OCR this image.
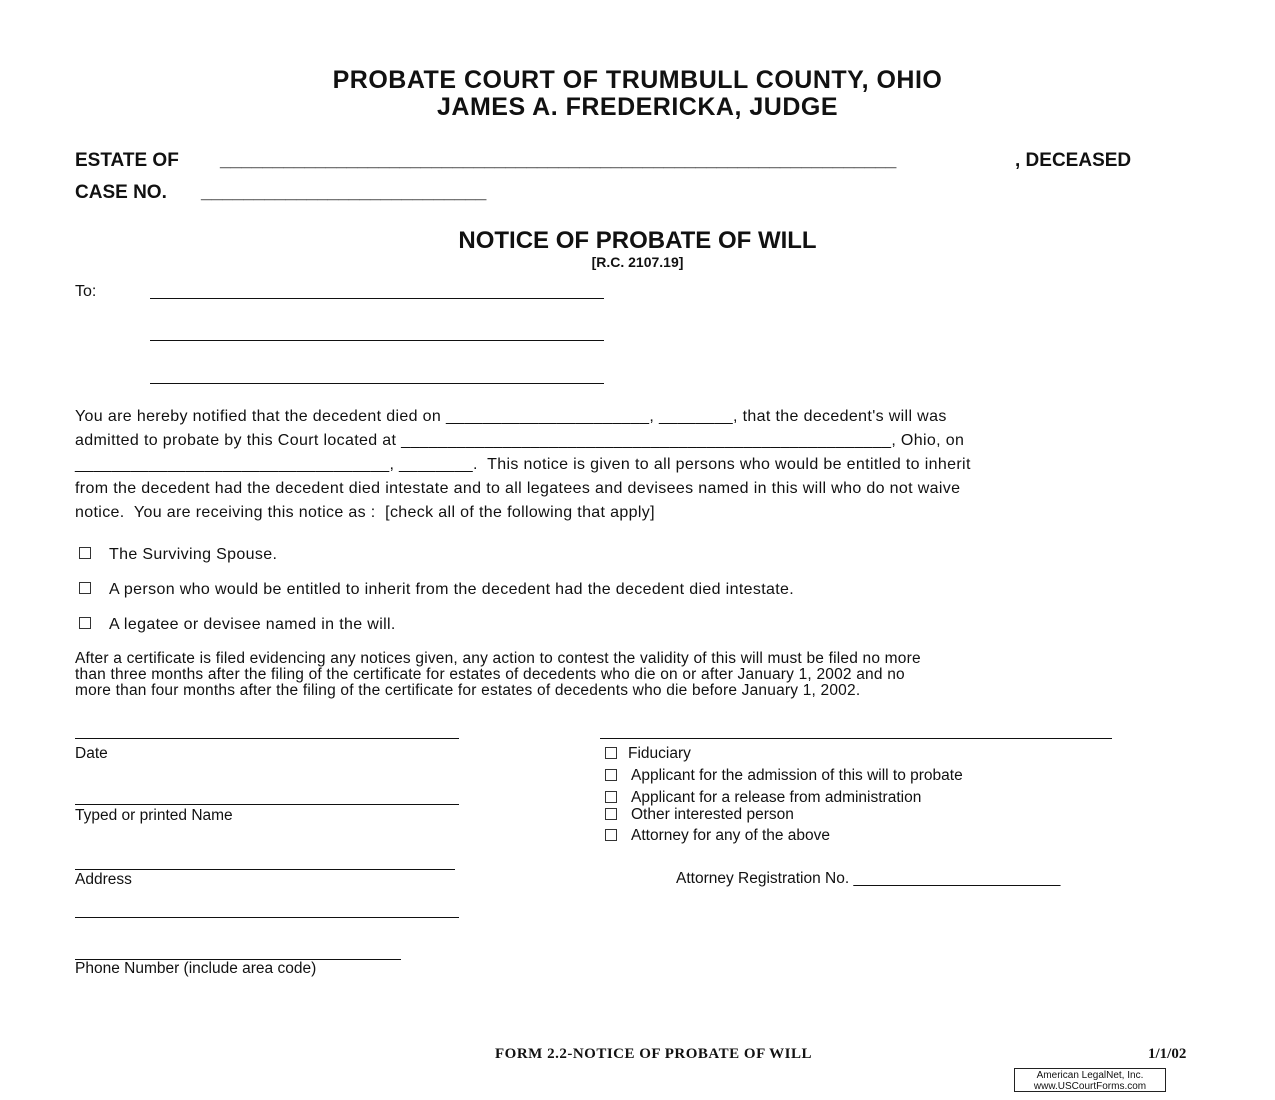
PROBATE COURT OF TRUMBULL COUNTY, OHIO
JAMES A. FREDERICKA, JUDGE
ESTATE OF ________________________________________________________________	, DECEASED
CASE NO. ___________________________
NOTICE OF PROBATE OF WILL
[R.C. 2107.19]
To:
You are hereby notified that the decedent died on ______________________, ________, that the decedent's will was
admitted to probate by this Court located at _____________________________________________________, Ohio, on
__________________________________, ________.  This notice is given to all persons who would be entitled to inherit
from the decedent had the decedent died intestate and to all legatees and devisees named in this will who do not waive
notice.  You are receiving this notice as :  [check all of the following that apply]
The Surviving Spouse.
A person who would be entitled to inherit from the decedent had the decedent died intestate.
A legatee or devisee named in the will.
After a certificate is filed evidencing any notices given, any action to contest the validity of this will must be filed no more
than three months after the filing of the certificate for estates of decedents who die on or after January 1, 2002 and no
more than four months after the filing of the certificate for estates of decedents who die before January 1, 2002.
Date
Typed or printed Name
Address
Phone Number (include area code)
Fiduciary
Applicant for the admission of this will to probate
Applicant for a release from administration
Other interested person
Attorney for any of the above
Attorney Registration No. ________________________
FORM 2.2-NOTICE OF PROBATE OF WILL	1/1/02
American LegalNet, Inc.
www.USCourtForms.com
